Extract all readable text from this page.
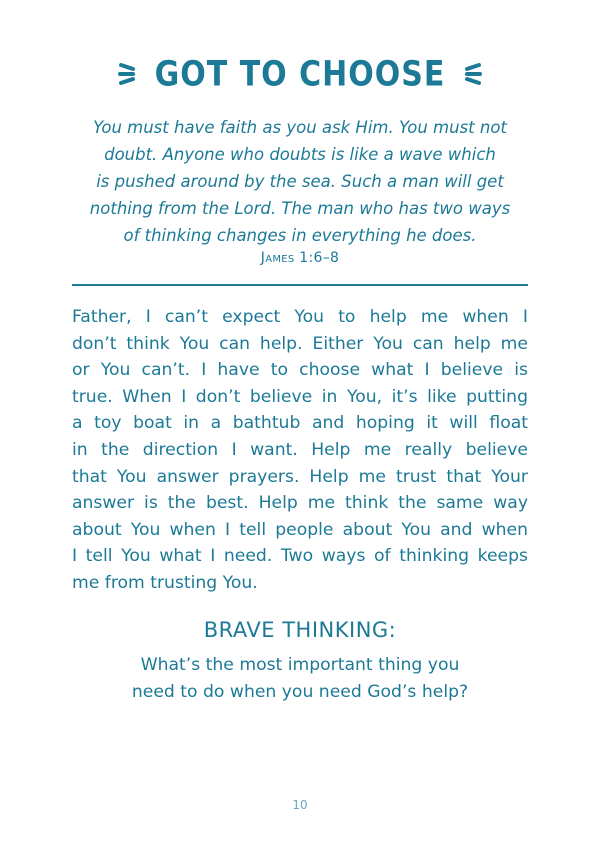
GOT TO CHOOSE
You must have faith as you ask Him. You must not
doubt. Anyone who doubts is like a wave which
is pushed around by the sea. Such a man will get
nothing from the Lord. The man who has two ways
of thinking changes in everything he does.
James 1:6–8
Father, I can’t expect You to help me when I
don’t think You can help. Either You can help me
or You can’t. I have to choose what I believe is
true. When I don’t believe in You, it’s like putting
a toy boat in a bathtub and hoping it will float
in the direction I want. Help me really believe
that You answer prayers. Help me trust that Your
answer is the best. Help me think the same way
about You when I tell people about You and when
I tell You what I need. Two ways of thinking keeps
me from trusting You.
BRAVE THINKING:
What’s the most important thing you
need to do when you need God’s help?
10
